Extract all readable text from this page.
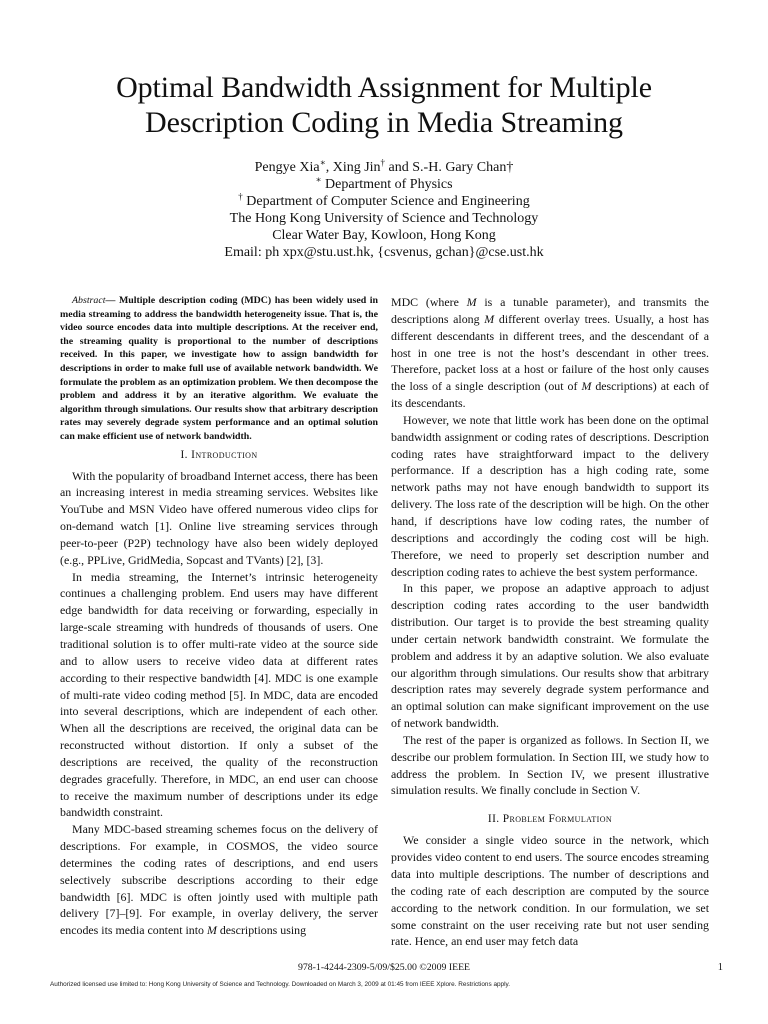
Optimal Bandwidth Assignment for Multiple
Description Coding in Media Streaming
Pengye Xia∗, Xing Jin† and S.-H. Gary Chan†
∗ Department of Physics
† Department of Computer Science and Engineering
The Hong Kong University of Science and Technology
Clear Water Bay, Kowloon, Hong Kong
Email: ph xpx@stu.ust.hk, {csvenus, gchan}@cse.ust.hk

Abstract— Multiple description coding (MDC) has been widely used in media streaming to address the bandwidth heterogeneity issue. That is, the video source encodes data into multiple descriptions. At the receiver end, the streaming quality is proportional to the number of descriptions received. In this paper, we investigate how to assign bandwidth for descriptions in order to make full use of available network bandwidth. We formulate the problem as an optimization problem. We then decompose the problem and address it by an iterative algorithm. We evaluate the algorithm through simulations. Our results show that arbitrary description rates may severely degrade system performance and an optimal solution can make efficient use of network bandwidth.

I. Introduction

With the popularity of broadband Internet access, there has been an increasing interest in media streaming services. Websites like YouTube and MSN Video have offered numerous video clips for on-demand watch [1]. Online live streaming services through peer-to-peer (P2P) technology have also been widely deployed (e.g., PPLive, GridMedia, Sopcast and TVants) [2], [3].

In media streaming, the Internet’s intrinsic heterogeneity continues a challenging problem. End users may have different edge bandwidth for data receiving or forwarding, especially in large-scale streaming with hundreds of thousands of users. One traditional solution is to offer multi-rate video at the source side and to allow users to receive video data at different rates according to their respective bandwidth [4]. MDC is one example of multi-rate video coding method [5]. In MDC, data are encoded into several descriptions, which are independent of each other. When all the descriptions are received, the original data can be reconstructed without distortion. If only a subset of the descriptions are received, the quality of the reconstruction degrades gracefully. Therefore, in MDC, an end user can choose to receive the maximum number of descriptions under its edge bandwidth constraint.

Many MDC-based streaming schemes focus on the delivery of descriptions. For example, in COSMOS, the video source determines the coding rates of descriptions, and end users selectively subscribe descriptions according to their edge bandwidth [6]. MDC is often jointly used with multiple path delivery [7]–[9]. For example, in overlay delivery, the server encodes its media content into M descriptions using

MDC (where M is a tunable parameter), and transmits the descriptions along M different overlay trees. Usually, a host has different descendants in different trees, and the descendant of a host in one tree is not the host’s descendant in other trees. Therefore, packet loss at a host or failure of the host only causes the loss of a single description (out of M descriptions) at each of its descendants.

However, we note that little work has been done on the optimal bandwidth assignment or coding rates of descriptions. Description coding rates have straightforward impact to the delivery performance. If a description has a high coding rate, some network paths may not have enough bandwidth to support its delivery. The loss rate of the description will be high. On the other hand, if descriptions have low coding rates, the number of descriptions and accordingly the coding cost will be high. Therefore, we need to properly set description number and description coding rates to achieve the best system performance.

In this paper, we propose an adaptive approach to adjust description coding rates according to the user bandwidth distribution. Our target is to provide the best streaming quality under certain network bandwidth constraint. We formulate the problem and address it by an adaptive solution. We also evaluate our algorithm through simulations. Our results show that arbitrary description rates may severely degrade system performance and an optimal solution can make significant improvement on the use of network bandwidth.

The rest of the paper is organized as follows. In Section II, we describe our problem formulation. In Section III, we study how to address the problem. In Section IV, we present illustrative simulation results. We finally conclude in Section V.

II. Problem Formulation

We consider a single video source in the network, which provides video content to end users. The source encodes streaming data into multiple descriptions. The number of descriptions and the coding rate of each description are computed by the source according to the network condition. In our formulation, we set some constraint on the user receiving rate but not user sending rate. Hence, an end user may fetch data

978-1-4244-2309-5/09/$25.00 ©2009 IEEE	1
Authorized licensed use limited to: Hong Kong University of Science and Technology. Downloaded on March 3, 2009 at 01:45 from IEEE Xplore. Restrictions apply.
